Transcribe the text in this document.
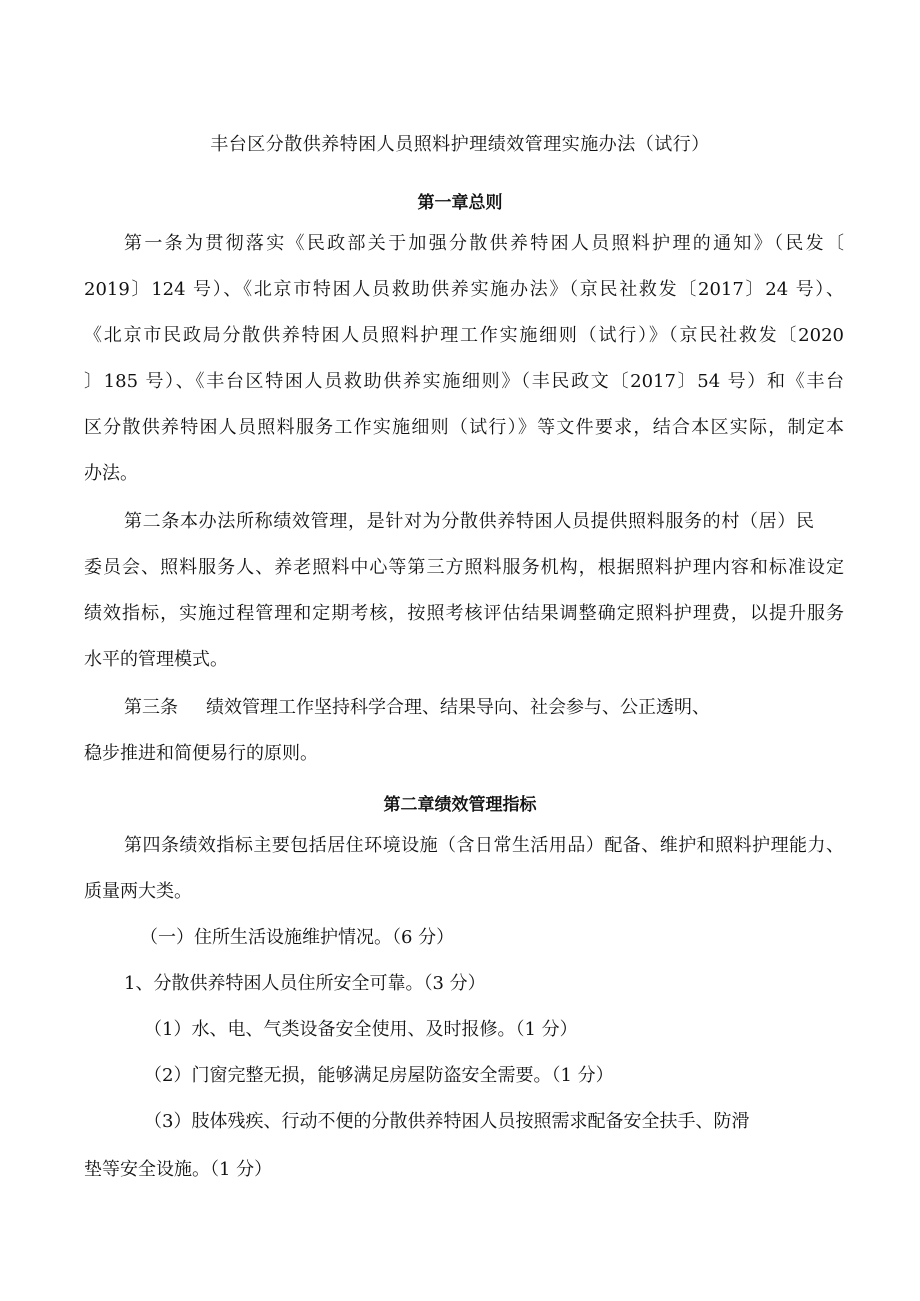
丰台区分散供养特困人员照料护理绩效管理实施办法（试行）
第一章总则
第一条为贯彻落实《民政部关于加强分散供养特困人员照料护理的通知》（民发〔
2019〕124 号）、《北京市特困人员救助供养实施办法》（京民社救发〔2017〕24 号）、
《北京市民政局分散供养特困人员照料护理工作实施细则（试行）》（京民社救发〔2020
〕185 号）、《丰台区特困人员救助供养实施细则》（丰民政文〔2017〕54 号）和《丰台
区分散供养特困人员照料服务工作实施细则（试行）》等文件要求，结合本区实际，制定本
办法。
第二条本办法所称绩效管理，是针对为分散供养特困人员提供照料服务的村（居）民
委员会、照料服务人、养老照料中心等第三方照料服务机构，根据照料护理内容和标准设定
绩效指标，实施过程管理和定期考核，按照考核评估结果调整确定照料护理费，以提升服务
水平的管理模式。
第三条	绩效管理工作坚持科学合理、结果导向、社会参与、公正透明、
稳步推进和简便易行的原则。
第二章绩效管理指标
第四条绩效指标主要包括居住环境设施（含日常生活用品）配备、维护和照料护理能力、
质量两大类。
（一）住所生活设施维护情况。（6 分）
1、分散供养特困人员住所安全可靠。（3 分）
（1）水、电、气类设备安全使用、及时报修。（1 分）
（2）门窗完整无损，能够满足房屋防盗安全需要。（1 分）
（3）肢体残疾、行动不便的分散供养特困人员按照需求配备安全扶手、防滑
垫等安全设施。（1 分）
